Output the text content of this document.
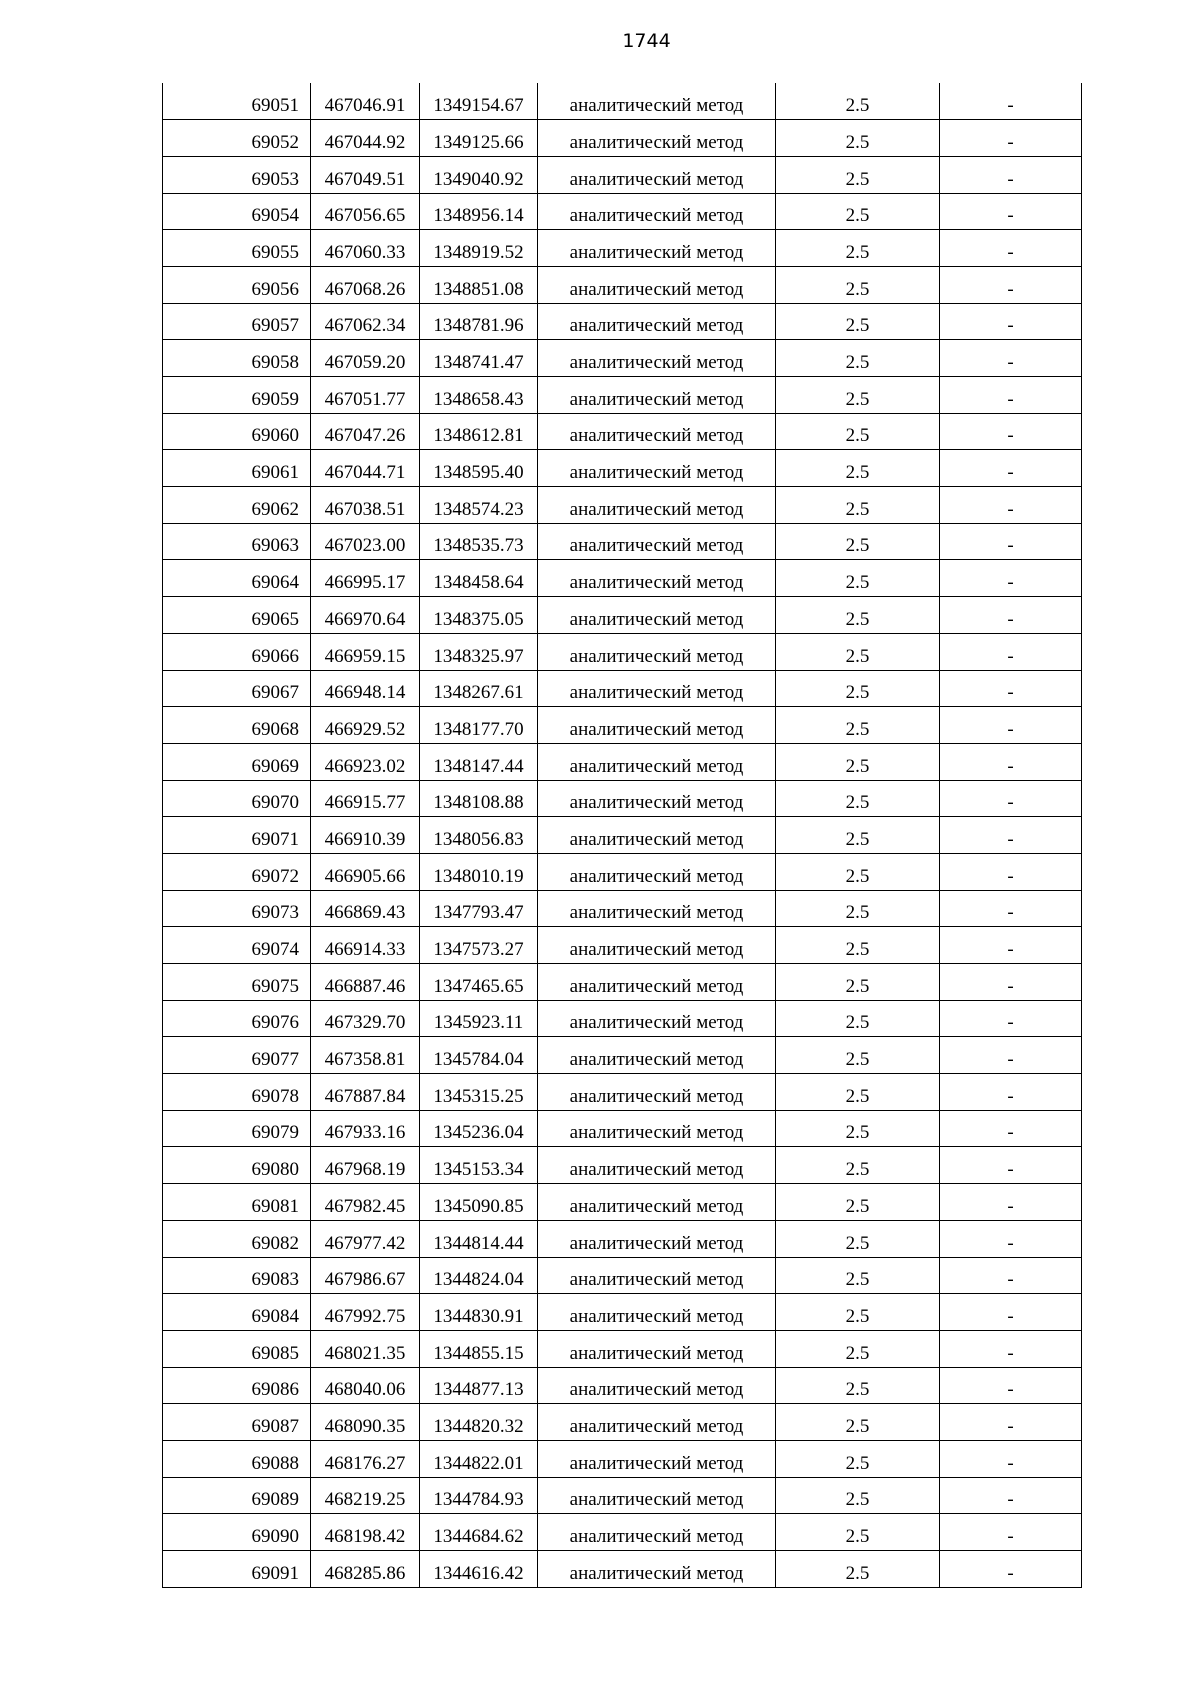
1744
69051	467046.91	1349154.67	аналитический метод	2.5	-
69052	467044.92	1349125.66	аналитический метод	2.5	-
69053	467049.51	1349040.92	аналитический метод	2.5	-
69054	467056.65	1348956.14	аналитический метод	2.5	-
69055	467060.33	1348919.52	аналитический метод	2.5	-
69056	467068.26	1348851.08	аналитический метод	2.5	-
69057	467062.34	1348781.96	аналитический метод	2.5	-
69058	467059.20	1348741.47	аналитический метод	2.5	-
69059	467051.77	1348658.43	аналитический метод	2.5	-
69060	467047.26	1348612.81	аналитический метод	2.5	-
69061	467044.71	1348595.40	аналитический метод	2.5	-
69062	467038.51	1348574.23	аналитический метод	2.5	-
69063	467023.00	1348535.73	аналитический метод	2.5	-
69064	466995.17	1348458.64	аналитический метод	2.5	-
69065	466970.64	1348375.05	аналитический метод	2.5	-
69066	466959.15	1348325.97	аналитический метод	2.5	-
69067	466948.14	1348267.61	аналитический метод	2.5	-
69068	466929.52	1348177.70	аналитический метод	2.5	-
69069	466923.02	1348147.44	аналитический метод	2.5	-
69070	466915.77	1348108.88	аналитический метод	2.5	-
69071	466910.39	1348056.83	аналитический метод	2.5	-
69072	466905.66	1348010.19	аналитический метод	2.5	-
69073	466869.43	1347793.47	аналитический метод	2.5	-
69074	466914.33	1347573.27	аналитический метод	2.5	-
69075	466887.46	1347465.65	аналитический метод	2.5	-
69076	467329.70	1345923.11	аналитический метод	2.5	-
69077	467358.81	1345784.04	аналитический метод	2.5	-
69078	467887.84	1345315.25	аналитический метод	2.5	-
69079	467933.16	1345236.04	аналитический метод	2.5	-
69080	467968.19	1345153.34	аналитический метод	2.5	-
69081	467982.45	1345090.85	аналитический метод	2.5	-
69082	467977.42	1344814.44	аналитический метод	2.5	-
69083	467986.67	1344824.04	аналитический метод	2.5	-
69084	467992.75	1344830.91	аналитический метод	2.5	-
69085	468021.35	1344855.15	аналитический метод	2.5	-
69086	468040.06	1344877.13	аналитический метод	2.5	-
69087	468090.35	1344820.32	аналитический метод	2.5	-
69088	468176.27	1344822.01	аналитический метод	2.5	-
69089	468219.25	1344784.93	аналитический метод	2.5	-
69090	468198.42	1344684.62	аналитический метод	2.5	-
69091	468285.86	1344616.42	аналитический метод	2.5	-
